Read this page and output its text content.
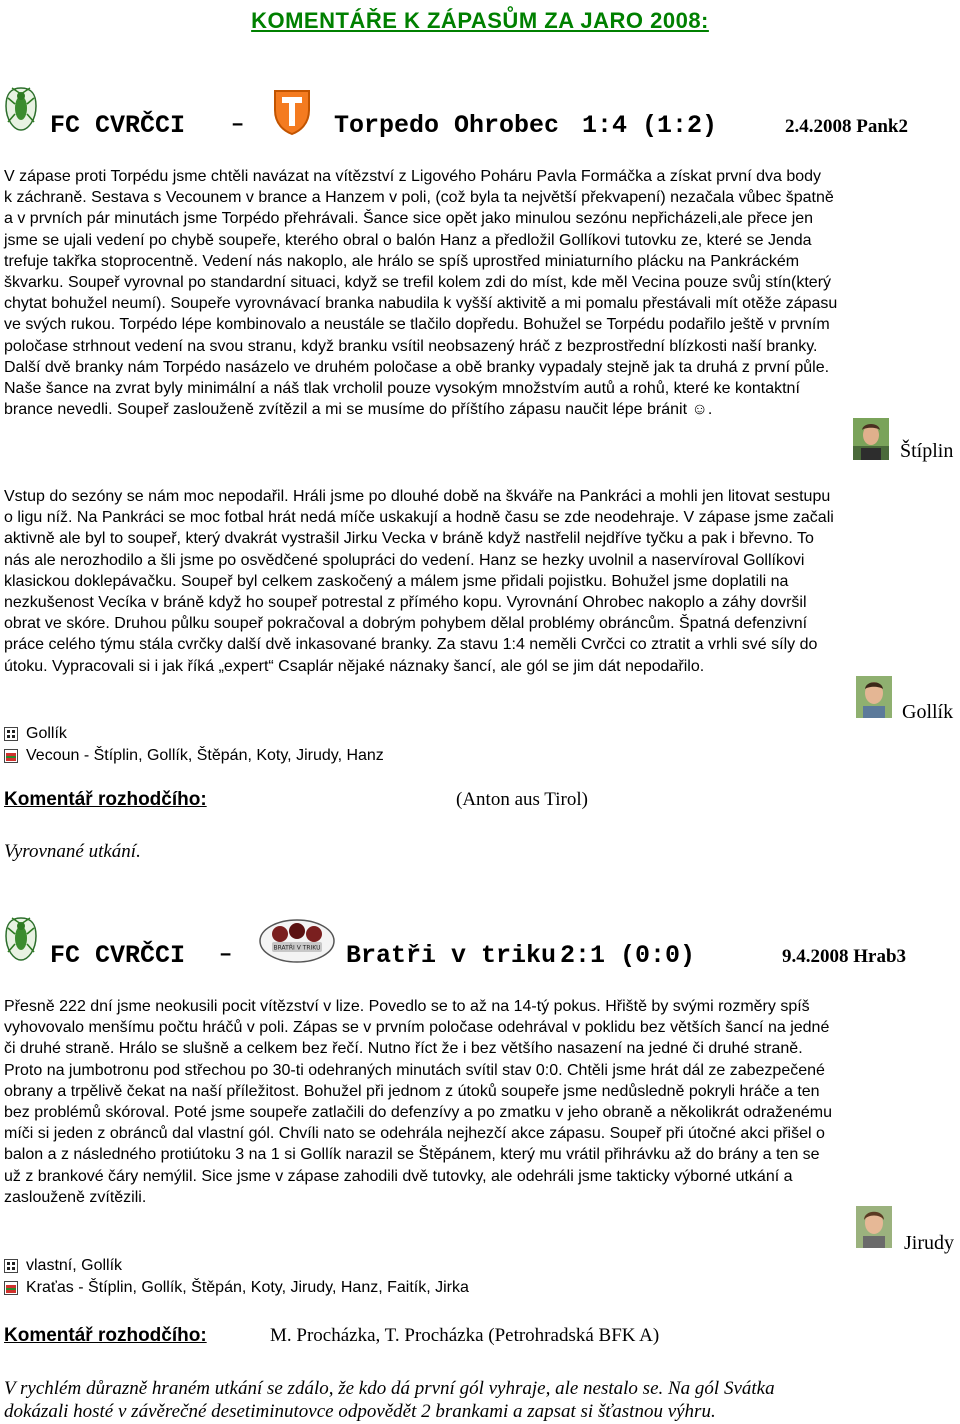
KOMENTÁŘE K ZÁPASŮM ZA JARO 2008:
FC CVRČCI –	T Torpedo Ohrobec 1:4 (1:2)	2.4.2008 Pank2

V zápase proti Torpédu jsme chtěli navázat na vítězství z Ligového Poháru Pavla Formáčka a získat první dva body

k záchraně. Sestava s Vecounem v brance a Hanzem v poli, (což byla ta největší překvapení) nezačala vůbec špatně

a v prvních pár minutách jsme Torpédo přehrávali. Šance sice opět jako minulou sezónu nepřicházeli,ale přece jen

jsme se ujali vedení po chybě soupeře, kterého obral o balón Hanz a předložil Gollíkovi tutovku ze, které se Jenda

trefuje takřka stoprocentně. Vedení nás nakoplo, ale hrálo se spíš uprostřed miniaturního plácku na Pankráckém

škvarku. Soupeř vyrovnal po standardní situaci, když se trefil kolem zdi do míst, kde měl Vecina pouze svůj stín(který

chytat bohužel neumí). Soupeře vyrovnávací branka nabudila k vyšší aktivitě a mi pomalu přestávali mít otěže zápasu

ve svých rukou. Torpédo lépe kombinovalo a neustále se tlačilo dopředu. Bohužel se Torpédu podařilo ještě v prvním

poločase strhnout vedení na svou stranu, když branku vsítil neobsazený hráč z bezprostřední blízkosti naší branky.

Další dvě branky nám Torpédo nasázelo ve druhém poločase a obě branky vypadaly stejně jak ta druhá z první půle.

Naše šance na zvrat byly minimální a náš tlak vrcholil pouze vysokým množstvím autů a rohů, které ke kontaktní

brance nevedli. Soupeř zaslouženě zvítězil a mi se musíme do příštího zápasu naučit lépe bránit ☺.

Štíplin

Vstup do sezóny se nám moc nepodařil. Hráli jsme po dlouhé době na škváře na Pankráci a mohli jen litovat sestupu

o ligu níž. Na Pankráci se moc fotbal hrát nedá míče uskakují a hodně času se zde neodehraje. V zápase jsme začali

aktivně ale byl to soupeř, který dvakrát vystrašil Jirku Vecka v bráně když nastřelil nejdříve tyčku a pak i břevno. To

nás ale nerozhodilo a šli jsme po osvědčené spolupráci do vedení. Hanz se hezky uvolnil a naservíroval Gollíkovi

klasickou doklepávačku. Soupeř byl celkem zaskočený a málem jsme přidali pojistku. Bohužel jsme doplatili na

nezkušenost Vecíka v bráně když ho soupeř potrestal z přímého kopu. Vyrovnání Ohrobec nakoplo a záhy dovršil

obrat ve skóre. Druhou půlku soupeř pokračoval a dobrým pohybem dělal problémy obráncům. Špatná defenzivní

práce celého týmu stála cvrčky další dvě inkasované branky. Za stavu 1:4 neměli Cvrčci co ztratit a vrhli své síly do

útoku. Vypracovali si i jak říká „expert“ Csaplár nějaké náznaky šancí, ale gól se jim dát nepodařilo.

Gollík
Gollík
Vecoun - Štíplin, Gollík, Štěpán, Koty, Jirudy, Hanz
Komentář rozhodčího:	(Anton aus Tirol)
Vyrovnané utkání.
FC CVRČCI –	BRATŘI V TRIKU Bratři v triku 2:1 (0:0)	9.4.2008 Hrab3

Přesně 222 dní jsme neokusili pocit vítězství v lize. Povedlo se to až na 14-tý pokus. Hřiště by svými rozměry spíš

vyhovovalo menšímu počtu hráčů v poli. Zápas se v prvním poločase odehrával v poklidu bez větších šancí na jedné

či druhé straně. Hrálo se slušně a celkem bez řečí. Nutno říct že i bez většího nasazení na jedné či druhé straně.

Proto na jumbotronu pod střechou po 30-ti odehraných minutách svítil stav 0:0. Chtěli jsme hrát dál ze zabezpečené

obrany a trpělivě čekat na naší příležitost. Bohužel při jednom z útoků soupeře jsme nedůsledně pokryli hráče a ten

bez problémů skóroval. Poté jsme soupeře zatlačili do defenzívy a po zmatku v jeho obraně a několikrát odraženému

míči si jeden z obránců dal vlastní gól. Chvíli nato se odehrála nejhezčí akce zápasu. Soupeř při útočné akci přišel o

balon a z následného protiútoku 3 na 1 si Gollík narazil se Štěpánem, který mu vrátil přihrávku až do brány a ten se

už z brankové čáry nemýlil. Sice jsme v zápase zahodili dvě tutovky, ale odehráli jsme takticky výborné utkání a

zaslouženě zvítězili.

Jirudy
vlastní, Gollík
Kraťas - Štíplin, Gollík, Štěpán, Koty, Jirudy, Hanz, Faitík, Jirka
Komentář rozhodčího:	M. Procházka, T. Procházka (Petrohradská BFK A)
V rychlém důrazně hraném utkání se zdálo, že kdo dá první gól vyhraje, ale nestalo se. Na gól Svátka
dokázali hosté v závěrečné desetiminutovce odpovědět 2 brankami a zapsat si šťastnou výhru.
